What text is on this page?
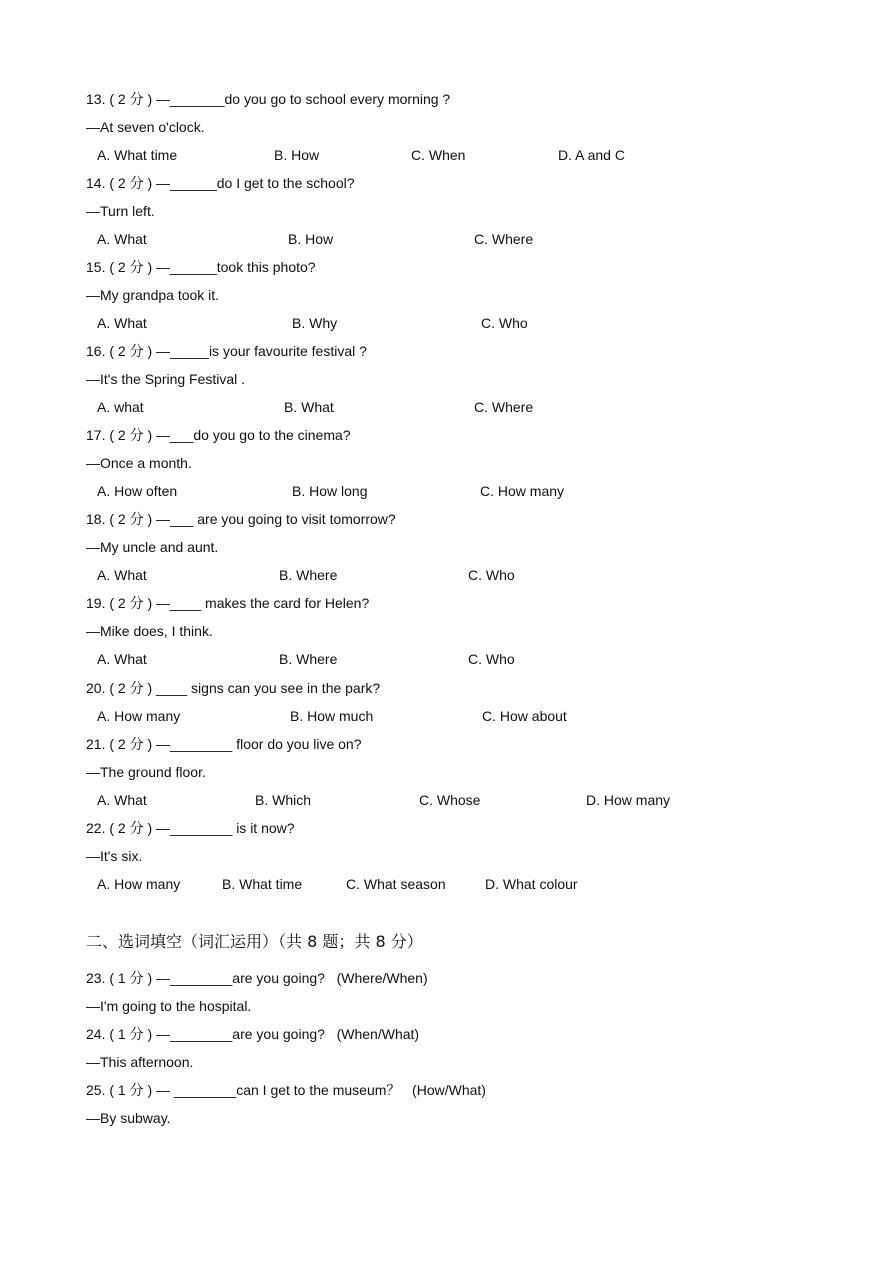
13. ( 2 分 ) —_______do you go to school every morning ?
—At seven o'clock.

A. What time

	B. How

	C. When

	D. A and C

14. ( 2 分 ) —______do I get to the school?
—Turn left.

A. What

	B. How

	C. Where

15. ( 2 分 ) —______took this photo?
—My grandpa took it.

A. What

	B. Why

	C. Who

16. ( 2 分 ) —_____is your favourite festival ?
—It's the Spring Festival .

A. what

	B. What

	C. Where

17. ( 2 分 ) —___do you go to the cinema?
—Once a month.

A. How often

	B. How long

	C. How many

18. ( 2 分 ) —___ are you going to visit tomorrow?
—My uncle and aunt.

A. What

	B. Where

	C. Who

19. ( 2 分 ) —____ makes the card for Helen?
—Mike does, I think.

A. What

	B. Where

	C. Who

20. ( 2 分 ) ____ signs can you see in the park?

A. How many

	B. How much

	C. How about

21. ( 2 分 ) —________ floor do you live on?
—The ground floor.

A. What

	B. Which

	C. Whose

	D. How many

22. ( 2 分 ) —________ is it now?
—It's six.

A. How many

	B. What time

	C. What season

	D. What colour

二、选词填空（词汇运用）（共 8 题；共 8 分）
23. ( 1 分 ) —________are you going?   (Where/When)
—I'm going to the hospital.
24. ( 1 分 ) —________are you going?   (When/What)
—This afternoon.
25. ( 1 分 ) — ________can I get to the museum？   (How/What)
—By subway.
